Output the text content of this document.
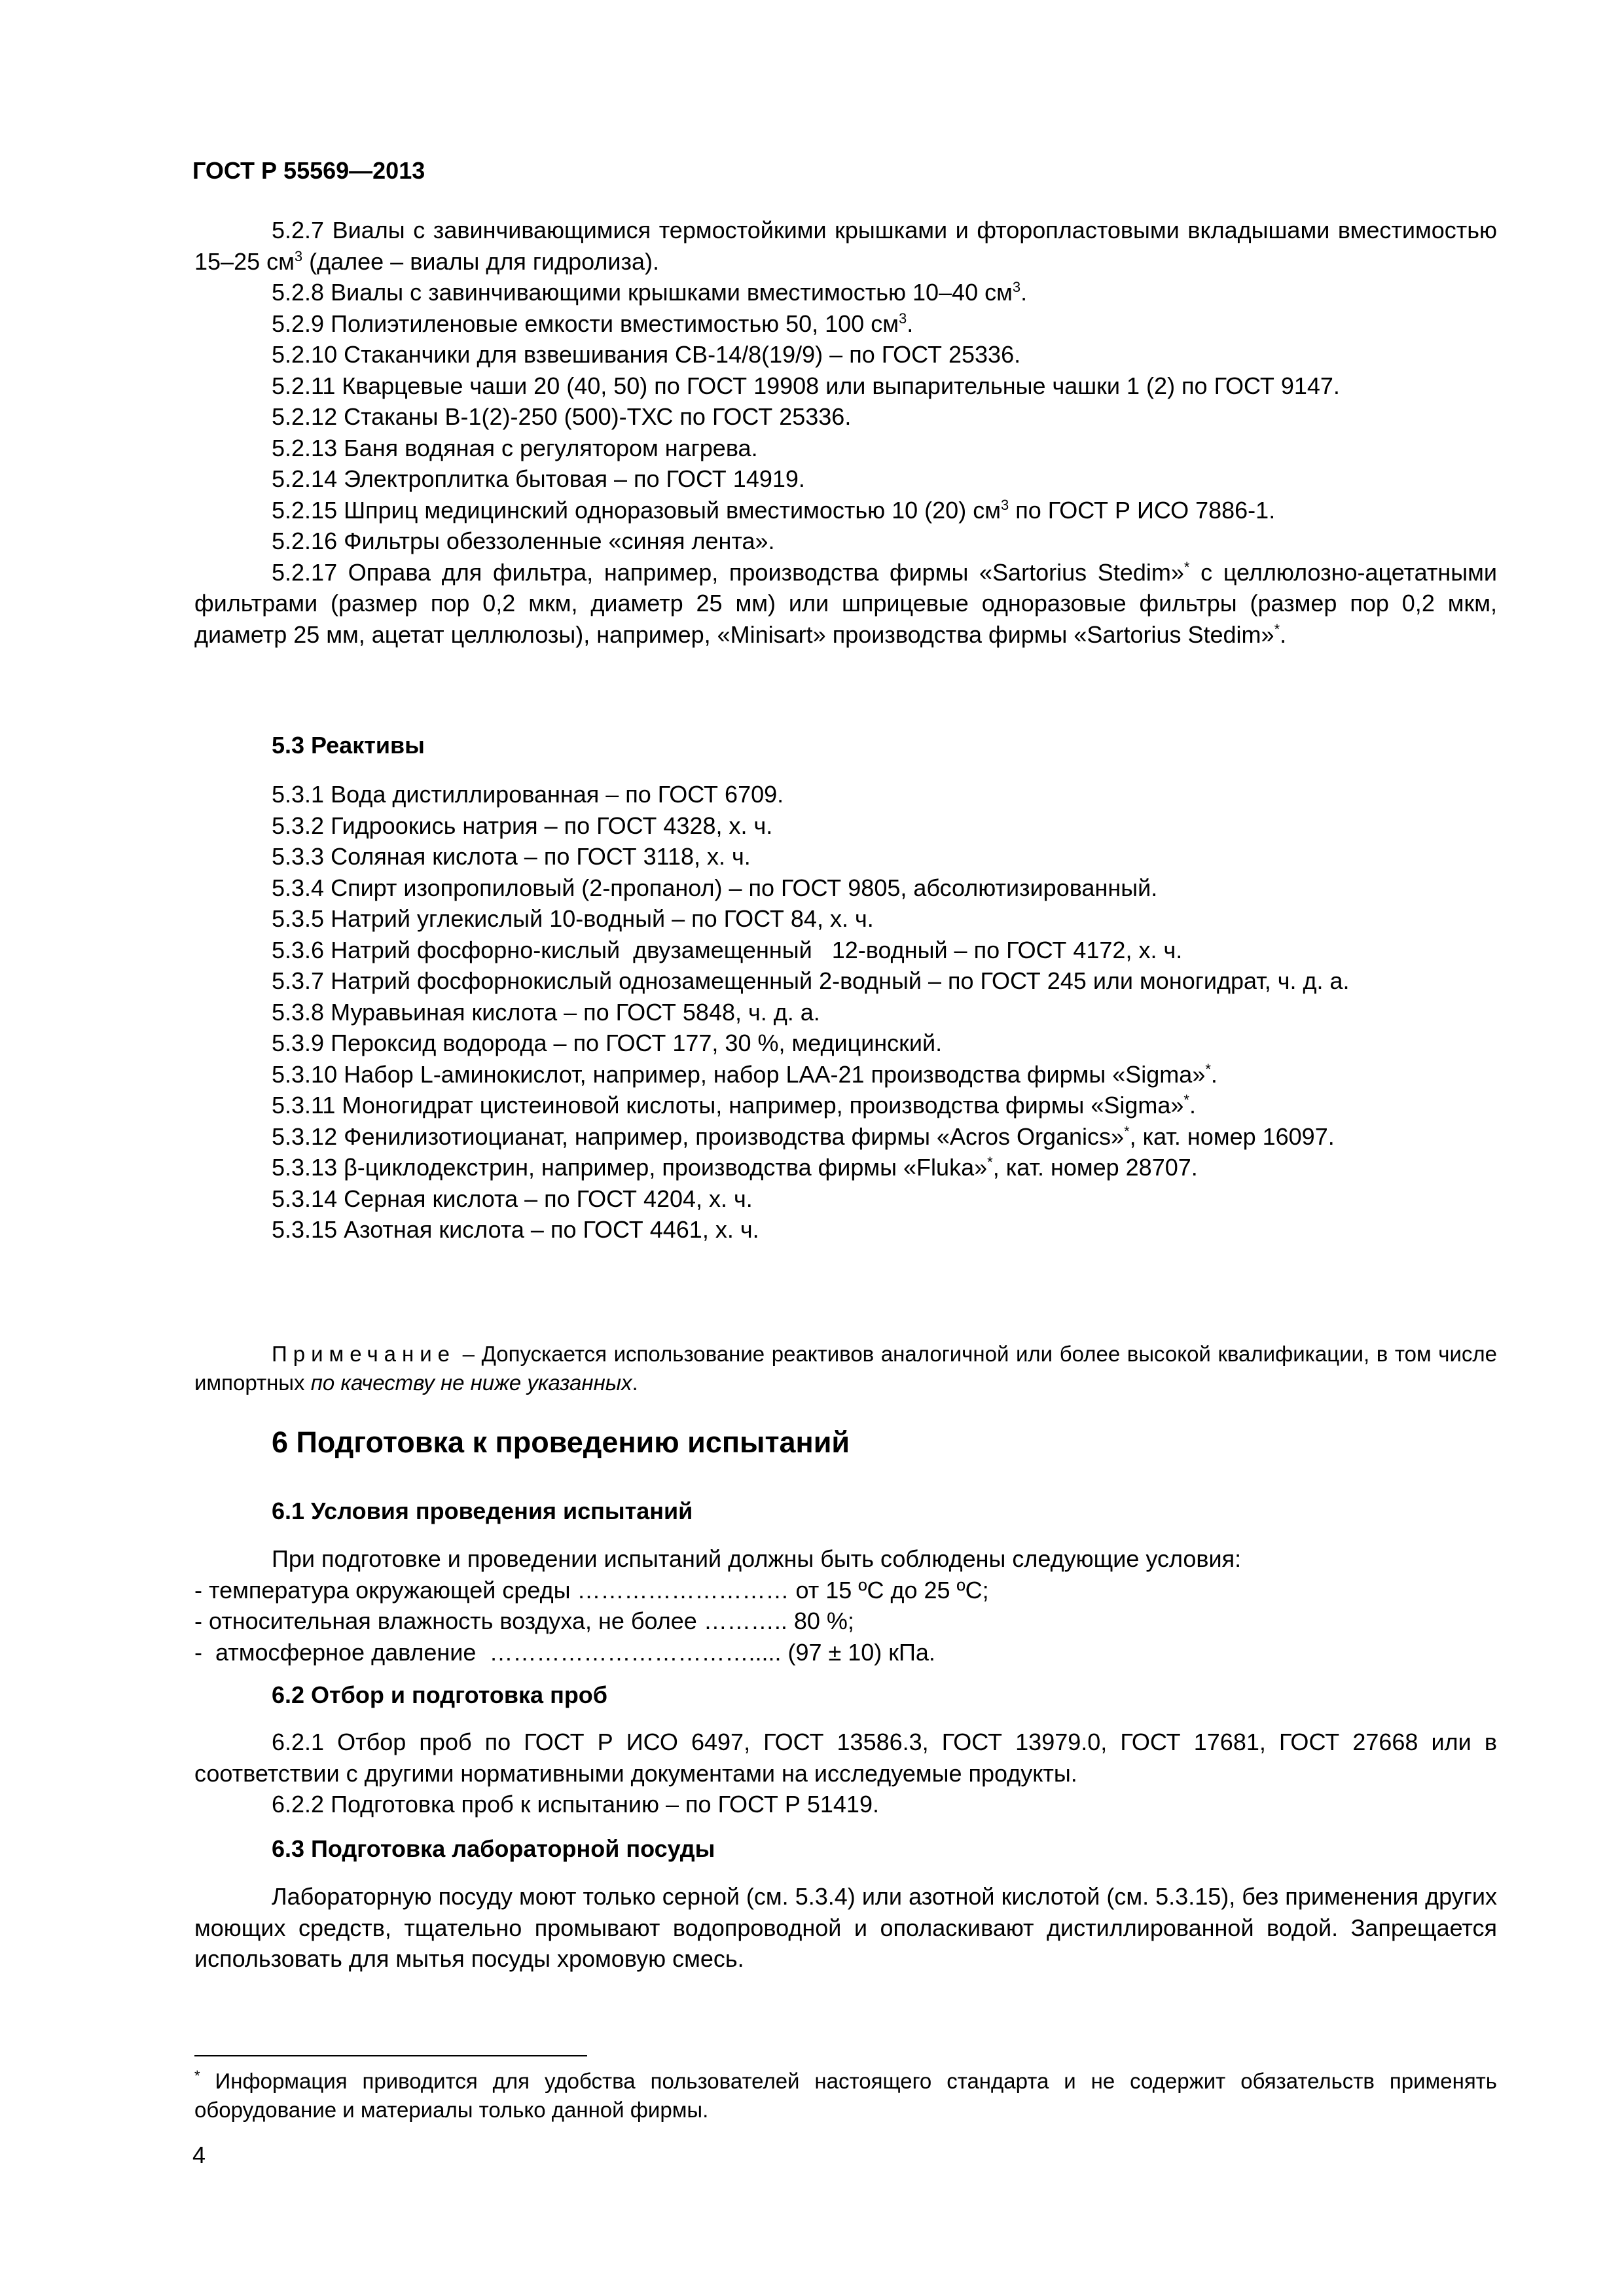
ГОСТ Р 55569—2013

5.2.7 Виалы с завинчивающимися термостойкими крышками и фторопластовыми вкладышами вместимостью 15–25 $см^3$ (далее – виалы для гидролиза).

5.2.8 Виалы с завинчивающими крышками вместимостью 10–40 $см^3$.

5.2.9 Полиэтиленовые емкости вместимостью 50, 100 $см^3$.

5.2.10 Стаканчики для взвешивания СВ-14/8(19/9) – по ГОСТ 25336.

5.2.11 Кварцевые чаши 20 (40, 50) по ГОСТ 19908 или выпарительные чашки 1 (2) по ГОСТ 9147.

5.2.12 Стаканы В-1(2)-250 (500)-ТХС по ГОСТ 25336.

5.2.13 Баня водяная с регулятором нагрева.

5.2.14 Электроплитка бытовая – по ГОСТ 14919.

5.2.15 Шприц медицинский одноразовый вместимостью 10 (20) $см^3$ по ГОСТ Р ИСО 7886-1.

5.2.16 Фильтры обеззоленные «синяя лента».

5.2.17 Оправа для фильтра, например, производства фирмы «Sartorius Stedim»* с целлюлозно-ацетатными фильтрами (размер пор 0,2 мкм, диаметр 25 мм) или шприцевые одноразовые фильтры (размер пор 0,2 мкм, диаметр 25 мм, ацетат целлюлозы), например, «Minisart» производства фирмы «Sartorius Stedim»*.

5.3 Реактивы

5.3.1 Вода дистиллированная – по ГОСТ 6709.

5.3.2 Гидроокись натрия – по ГОСТ 4328, х. ч.

5.3.3 Соляная кислота – по ГОСТ 3118, х. ч.

5.3.4 Спирт изопропиловый (2-пропанол) – по ГОСТ 9805, абсолютизированный.

5.3.5 Натрий углекислый 10-водный – по ГОСТ 84, х. ч.

5.3.6 Натрий фосфорно-кислый  двузамещенный   12-водный – по ГОСТ 4172, х. ч.

5.3.7 Натрий фосфорнокислый однозамещенный 2-водный – по ГОСТ 245 или моногидрат, ч. д. а.

5.3.8 Муравьиная кислота – по ГОСТ 5848, ч. д. а.

5.3.9 Пероксид водорода – по ГОСТ 177, 30 %, медицинский.

5.3.10 Набор L-аминокислот, например, набор LAA-21 производства фирмы «Sigma»*.

5.3.11 Моногидрат цистеиновой кислоты, например, производства фирмы «Sigma»*.

5.3.12 Фенилизотиоцианат, например, производства фирмы «Acros Organics»*, кат. номер 16097.

5.3.13 β-циклодекстрин, например, производства фирмы «Fluka»*, кат. номер 28707.

5.3.14 Серная кислота – по ГОСТ 4204, х. ч.

5.3.15 Азотная кислота – по ГОСТ 4461, х. ч.

Примечание – Допускается использование реактивов аналогичной или более высокой квалификации, в том числе импортных по качеству не ниже указанных.

6 Подготовка к проведению испытаний

6.1 Условия проведения испытаний

При подготовке и проведении испытаний должны быть соблюдены следующие условия:

- температура окружающей среды ……………………… от 15 ºС до 25 ºС;

- относительная влажность воздуха, не более ……….. 80 %;

-  атмосферное давление  ……………………………..... (97 ± 10) кПа.

6.2 Отбор и подготовка проб

6.2.1 Отбор проб по ГОСТ Р ИСО 6497, ГОСТ 13586.3, ГОСТ 13979.0, ГОСТ 17681, ГОСТ 27668 или в соответствии с другими нормативными документами на исследуемые продукты.

6.2.2 Подготовка проб к испытанию – по ГОСТ Р 51419.

6.3 Подготовка лабораторной посуды

Лабораторную посуду моют только серной (см. 5.3.4) или азотной кислотой (см. 5.3.15), без применения других моющих средств, тщательно промывают водопроводной и ополаскивают дистиллированной водой. Запрещается использовать для мытья посуды хромовую смесь.

* Информация приводится для удобства пользователей настоящего стандарта и не содержит обязательств применять оборудование и материалы только данной фирмы.
4
